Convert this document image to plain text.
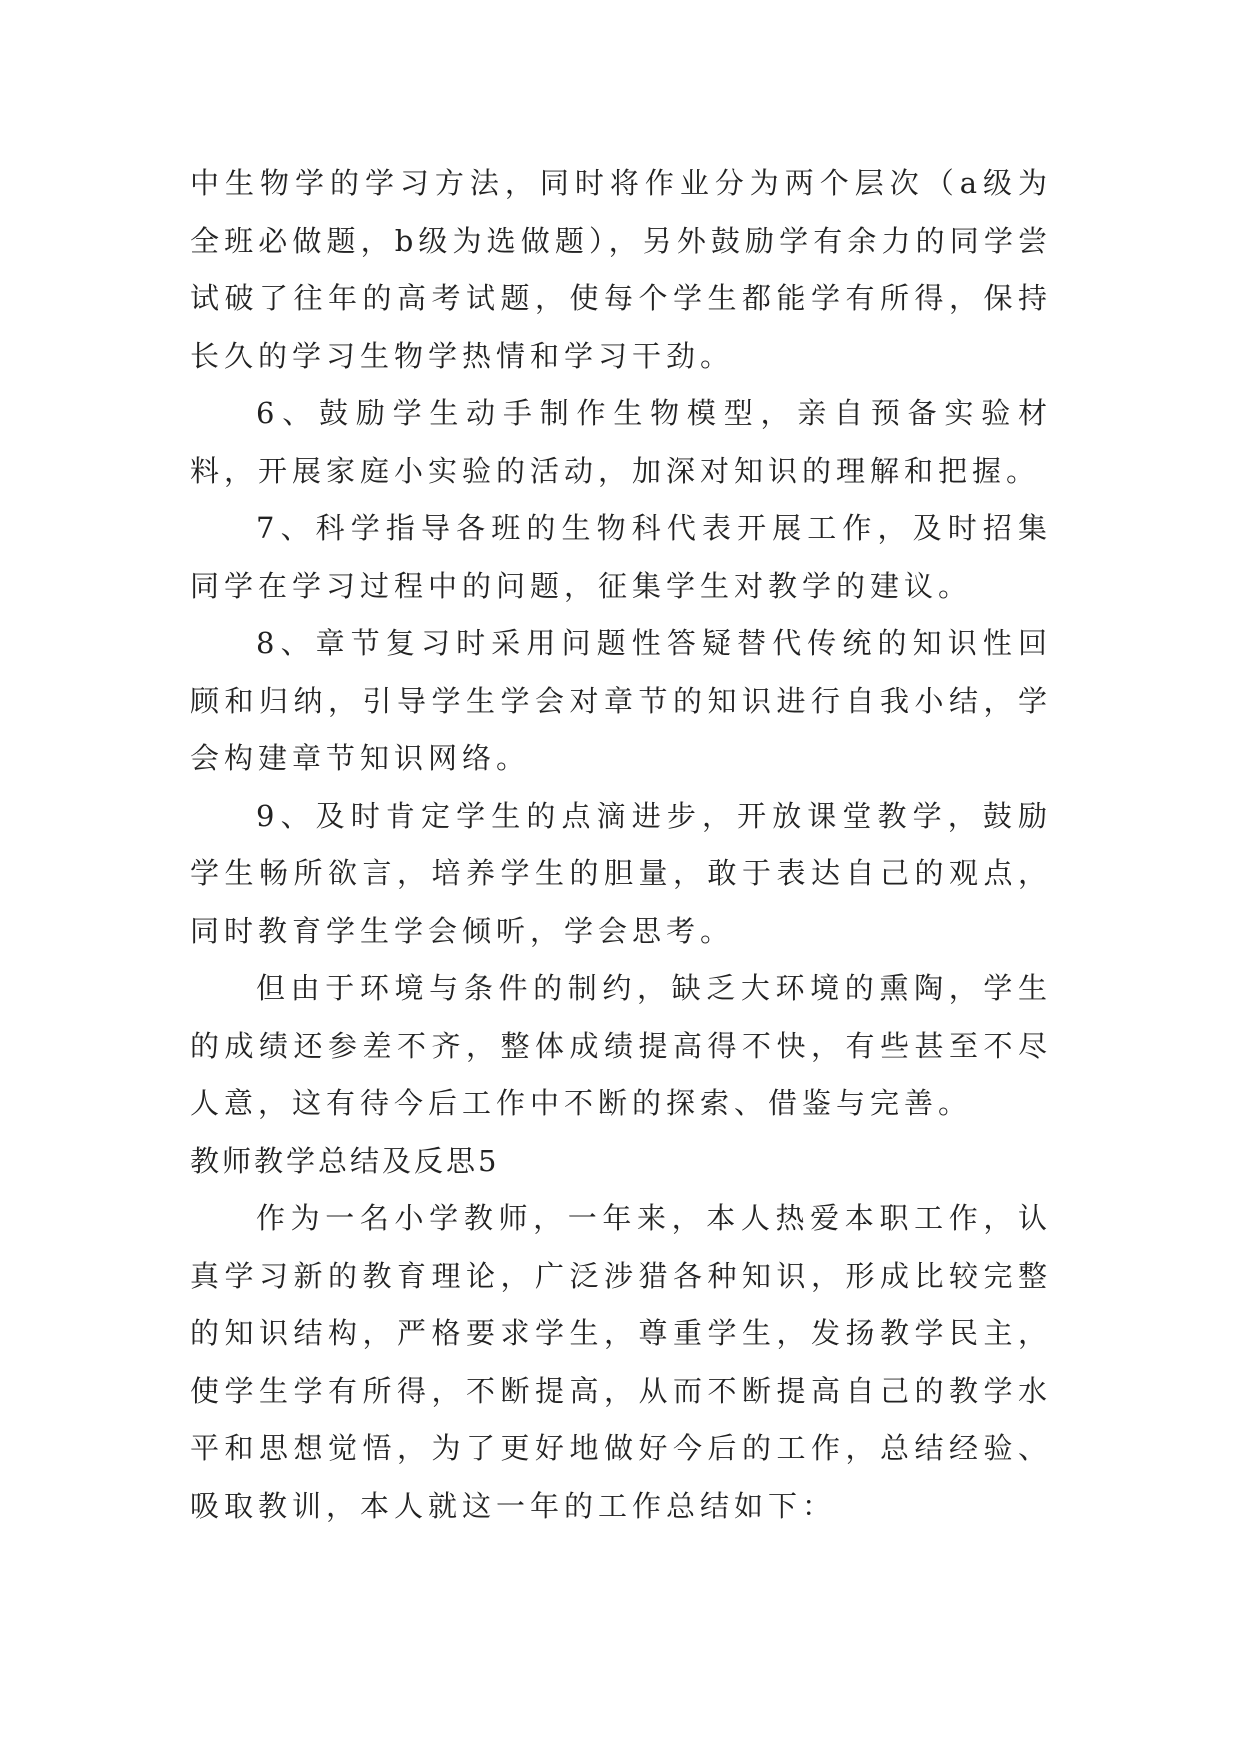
中生物学的学习方法，同时将作业分为两个层次（a级为全班必做题，b级为选做题），另外鼓励学有余力的同学尝试破了往年的高考试题，使每个学生都能学有所得，保持长久的学习生物学热情和学习干劲。

6、鼓励学生动手制作生物模型，亲自预备实验材料，开展家庭小实验的活动，加深对知识的理解和把握。

7、科学指导各班的生物科代表开展工作，及时招集同学在学习过程中的问题，征集学生对教学的建议。

8、章节复习时采用问题性答疑替代传统的知识性回顾和归纳，引导学生学会对章节的知识进行自我小结，学会构建章节知识网络。

9、及时肯定学生的点滴进步，开放课堂教学，鼓励学生畅所欲言，培养学生的胆量，敢于表达自己的观点，同时教育学生学会倾听，学会思考。

但由于环境与条件的制约，缺乏大环境的熏陶，学生的成绩还参差不齐，整体成绩提高得不快，有些甚至不尽人意，这有待今后工作中不断的探索、借鉴与完善。

教师教学总结及反思5

作为一名小学教师，一年来，本人热爱本职工作，认真学习新的教育理论，广泛涉猎各种知识，形成比较完整的知识结构，严格要求学生，尊重学生，发扬教学民主，使学生学有所得，不断提高，从而不断提高自己的教学水平和思想觉悟，为了更好地做好今后的工作，总结经验、吸取教训，本人就这一年的工作总结如下：
